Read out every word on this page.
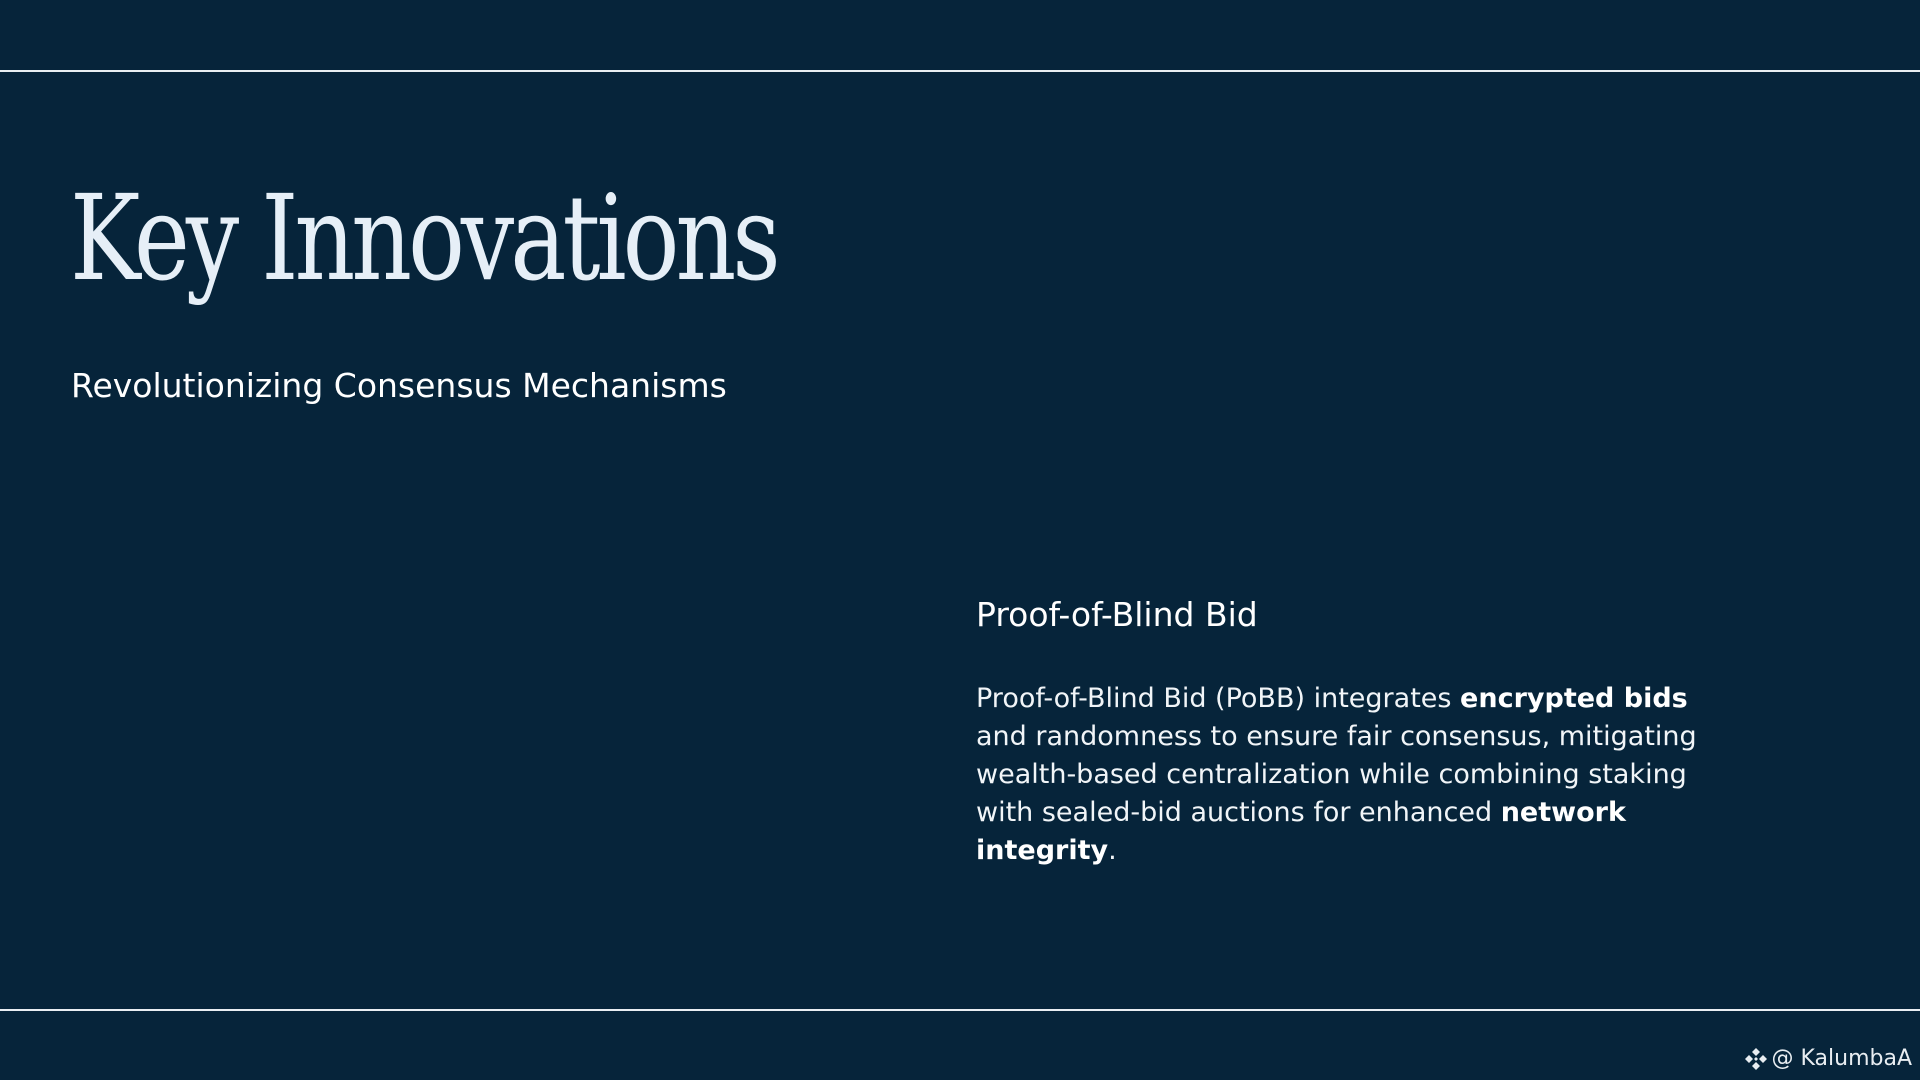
Key Innovations
Revolutionizing Consensus Mechanisms
Proof-of-Blind Bid

Proof-of-Blind Bid (PoBB) integrates encrypted bids and randomness to ensure fair consensus, mitigating wealth-based centralization while combining staking with sealed-bid auctions for enhanced network integrity.

@ KalumbaA
